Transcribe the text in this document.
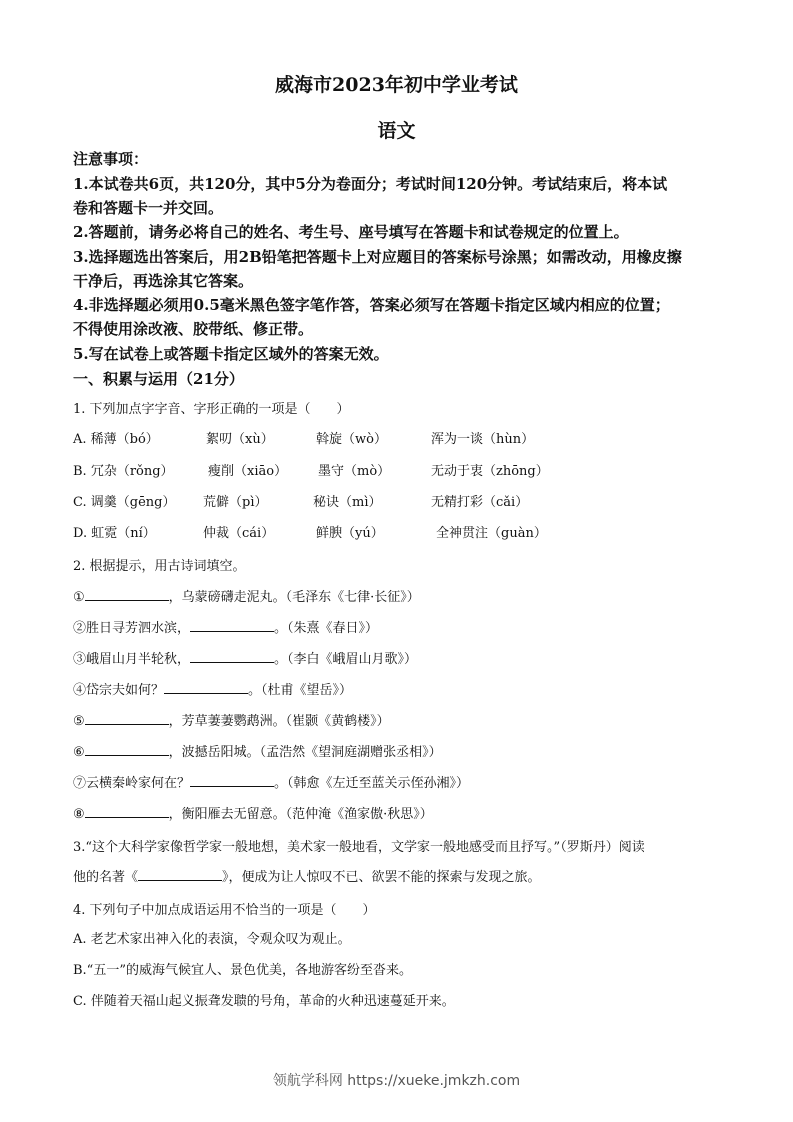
威海市2023年初中学业考试
语文
注意事项：
1.本试卷共6页，共120分，其中5分为卷面分；考试时间120分钟。考试结束后，将本试
卷和答题卡一并交回。
2.答题前，请务必将自己的姓名、考生号、座号填写在答题卡和试卷规定的位置上。
3.选择题选出答案后，用2B铅笔把答题卡上对应题目的答案标号涂黑；如需改动，用橡皮擦
干净后，再选涂其它答案。
4.非选择题必须用0.5毫米黑色签字笔作答，答案必须写在答题卡指定区域内相应的位置；
不得使用涂改液、胶带纸、修正带。
5.写在试卷上或答题卡指定区域外的答案无效。
一、积累与运用（21分）
1. 下列加点字字音、字形正确的一项是（　　）
A. 稀薄（bó）	絮叨（xù）	斡旋（wò）	浑为一谈（hùn）
B. 冗杂（rǒng）	瘦削（xiāo） 墨守（mò）	无动于衷（zhōng）
C. 调羹（gēng） 荒僻（pì）	秘诀（mì）	无精打彩（cǎi）
D. 虹霓（ní）	仲裁（cái）	鲜腴（yú）	全神贯注（guàn）
2. 根据提示，用古诗词填空。
①	，乌蒙磅礴走泥丸。（毛泽东《七律·长征》）
②胜日寻芳泗水滨，	。（朱熹《春日》）
③峨眉山月半轮秋，	。（李白《峨眉山月歌》）
④岱宗夫如何？	。（杜甫《望岳》）
⑤	，芳草萋萋鹦鹉洲。（崔颢《黄鹤楼》）
⑥	，波撼岳阳城。（孟浩然《望洞庭湖赠张丞相》）
⑦云横秦岭家何在？	。（韩愈《左迁至蓝关示侄孙湘》）
⑧	，衡阳雁去无留意。（范仲淹《渔家傲·秋思》）
3.“这个大科学家像哲学家一般地想，美术家一般地看，文学家一般地感受而且抒写。”（罗斯丹）阅读
他的名著《	》，便成为让人惊叹不已、欲罢不能的探索与发现之旅。
4. 下列句子中加点成语运用不恰当的一项是（　　）
A. 老艺术家出神入化的表演，令观众叹为观止。
B.“五一”的威海气候宜人、景色优美，各地游客纷至沓来。
C. 伴随着天福山起义振聋发聩的号角，革命的火种迅速蔓延开来。
领航学科网 https://xueke.jmkzh.com
